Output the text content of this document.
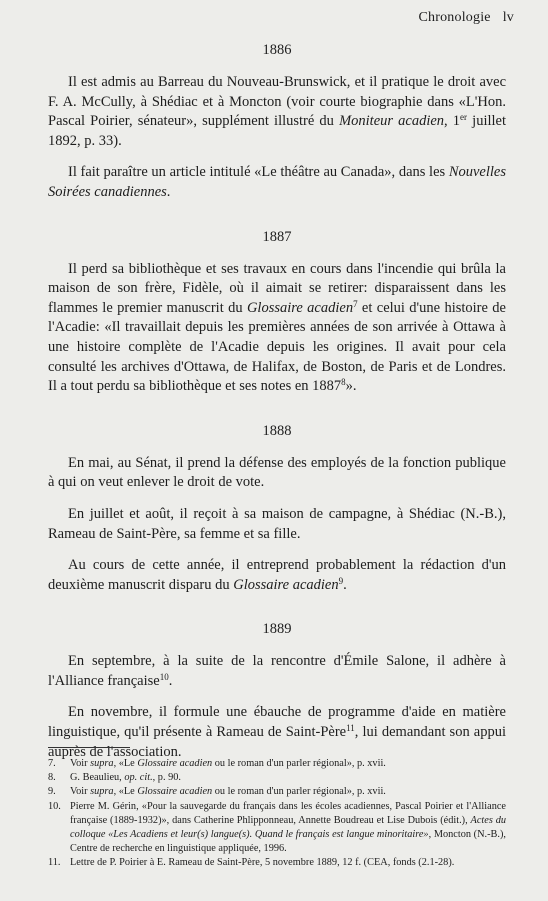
Chronologie lv
1886

Il est admis au Barreau du Nouveau-Brunswick, et il pratique le droit avec F. A. McCully, à Shédiac et à Moncton (voir courte biographie dans «L'Hon. Pascal Poirier, sénateur», supplément illustré du Moniteur acadien, 1er juillet 1892, p. 33).

Il fait paraître un article intitulé «Le théâtre au Canada», dans les Nouvelles Soirées canadiennes.

1887

Il perd sa bibliothèque et ses travaux en cours dans l'incendie qui brûla la maison de son frère, Fidèle, où il aimait se retirer: disparaissent dans les flammes le premier manuscrit du Glossaire acadien$^7$ et celui d'une histoire de l'Acadie: «Il travaillait depuis les premières années de son arrivée à Ottawa à une histoire complète de l'Acadie depuis les origines. Il avait pour cela consulté les archives d'Ottawa, de Halifax, de Boston, de Paris et de Londres. Il a tout perdu sa bibliothèque et ses notes en 1887$^8$».

1888

En mai, au Sénat, il prend la défense des employés de la fonction publique à qui on veut enlever le droit de vote.

En juillet et août, il reçoit à sa maison de campagne, à Shédiac (N.-B.), Rameau de Saint-Père, sa femme et sa fille.

Au cours de cette année, il entreprend probablement la rédaction d'un deuxième manuscrit disparu du Glossaire acadien$^9$.

1889

En septembre, à la suite de la rencontre d'Émile Salone, il adhère à l'Alliance française$^{10}$.

En novembre, il formule une ébauche de programme d'aide en matière linguistique, qu'il présente à Rameau de Saint-Père$^{11}$, lui demandant son appui auprès de l'association.

7.	Voir supra, «Le Glossaire acadien ou le roman d'un parler régional», p. xvii.
8.	G. Beaulieu, op. cit., p. 90.
9.	Voir supra, «Le Glossaire acadien ou le roman d'un parler régional», p. xvii.
10. Pierre M. Gérin, «Pour la sauvegarde du français dans les écoles acadiennes, Pascal Poirier et l'Alliance française (1889-1932)», dans Catherine Phlipponneau, Annette Boudreau et Lise Dubois (édit.), Actes du colloque «Les Acadiens et leur(s) langue(s). Quand le français est langue minoritaire», Moncton (N.-B.), Centre de recherche en linguistique appliquée, 1996.
11. Lettre de P. Poirier à E. Rameau de Saint-Père, 5 novembre 1889, 12 f. (CEA, fonds (2.1-28).
